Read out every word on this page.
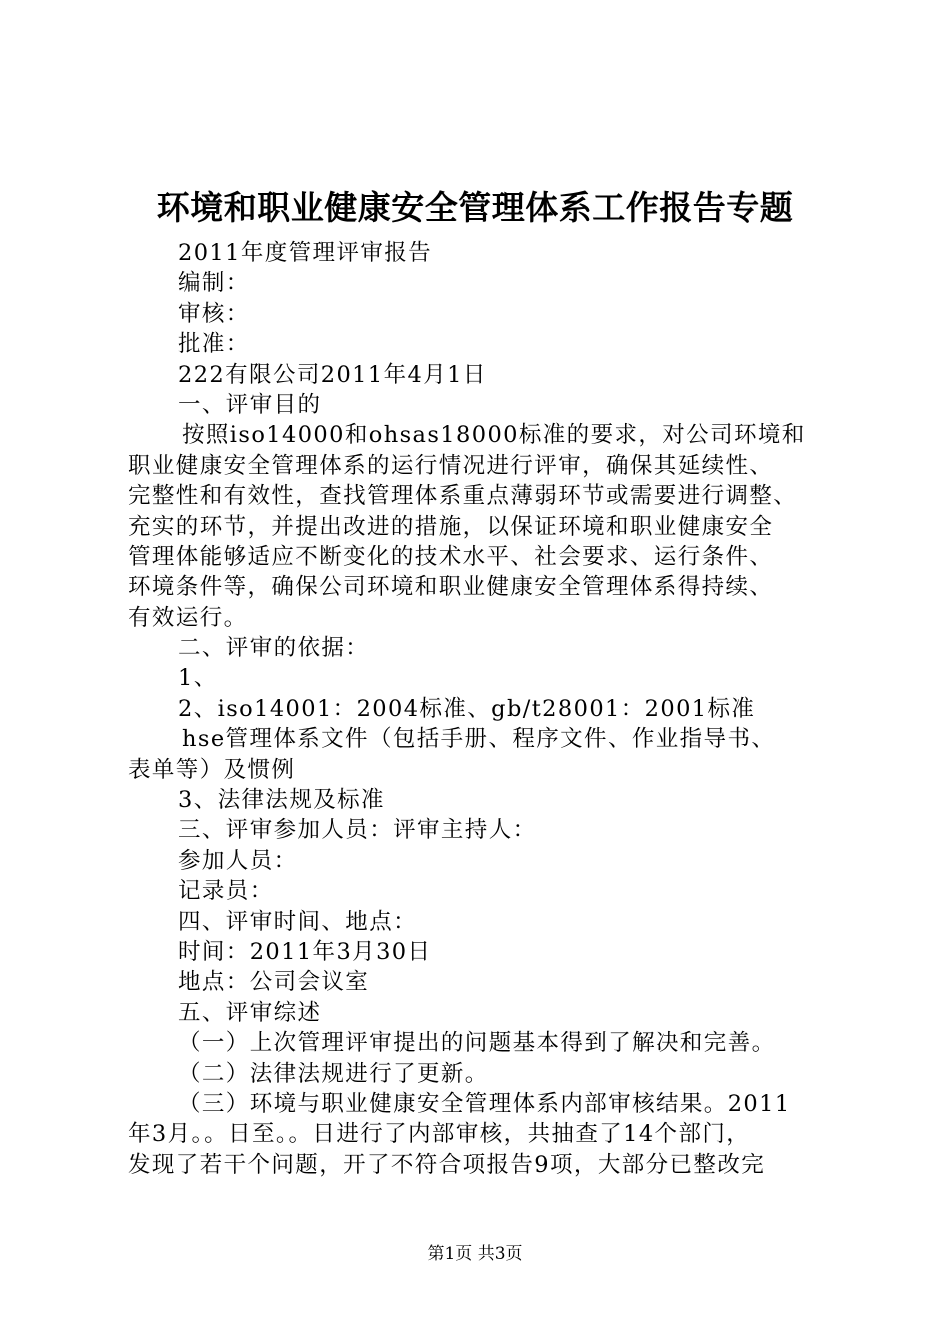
环境和职业健康安全管理体系工作报告专题
2011年度管理评审报告
编制：
审核：
批准：
222有限公司2011年4月1日
一、评审目的
按照iso14000和ohsas18000标准的要求，对公司环境和
职业健康安全管理体系的运行情况进行评审，确保其延续性、
完整性和有效性，查找管理体系重点薄弱环节或需要进行调整、
充实的环节，并提出改进的措施，以保证环境和职业健康安全
管理体能够适应不断变化的技术水平、社会要求、运行条件、
环境条件等，确保公司环境和职业健康安全管理体系得持续、
有效运行。
二、评审的依据：
1、
2、iso14001：2004标准、gb/t28001：2001标准
hse管理体系文件（包括手册、程序文件、作业指导书、
表单等）及惯例
3、法律法规及标准
三、评审参加人员：评审主持人：
参加人员：
记录员：
四、评审时间、地点：
时间：2011年3月30日
地点：公司会议室
五、评审综述
（一）上次管理评审提出的问题基本得到了解决和完善。
（二）法律法规进行了更新。
（三）环境与职业健康安全管理体系内部审核结果。2011
年3月。。日至。。日进行了内部审核，共抽查了14个部门，
发现了若干个问题，开了不符合项报告9项，大部分已整改完
第1页 共3页
